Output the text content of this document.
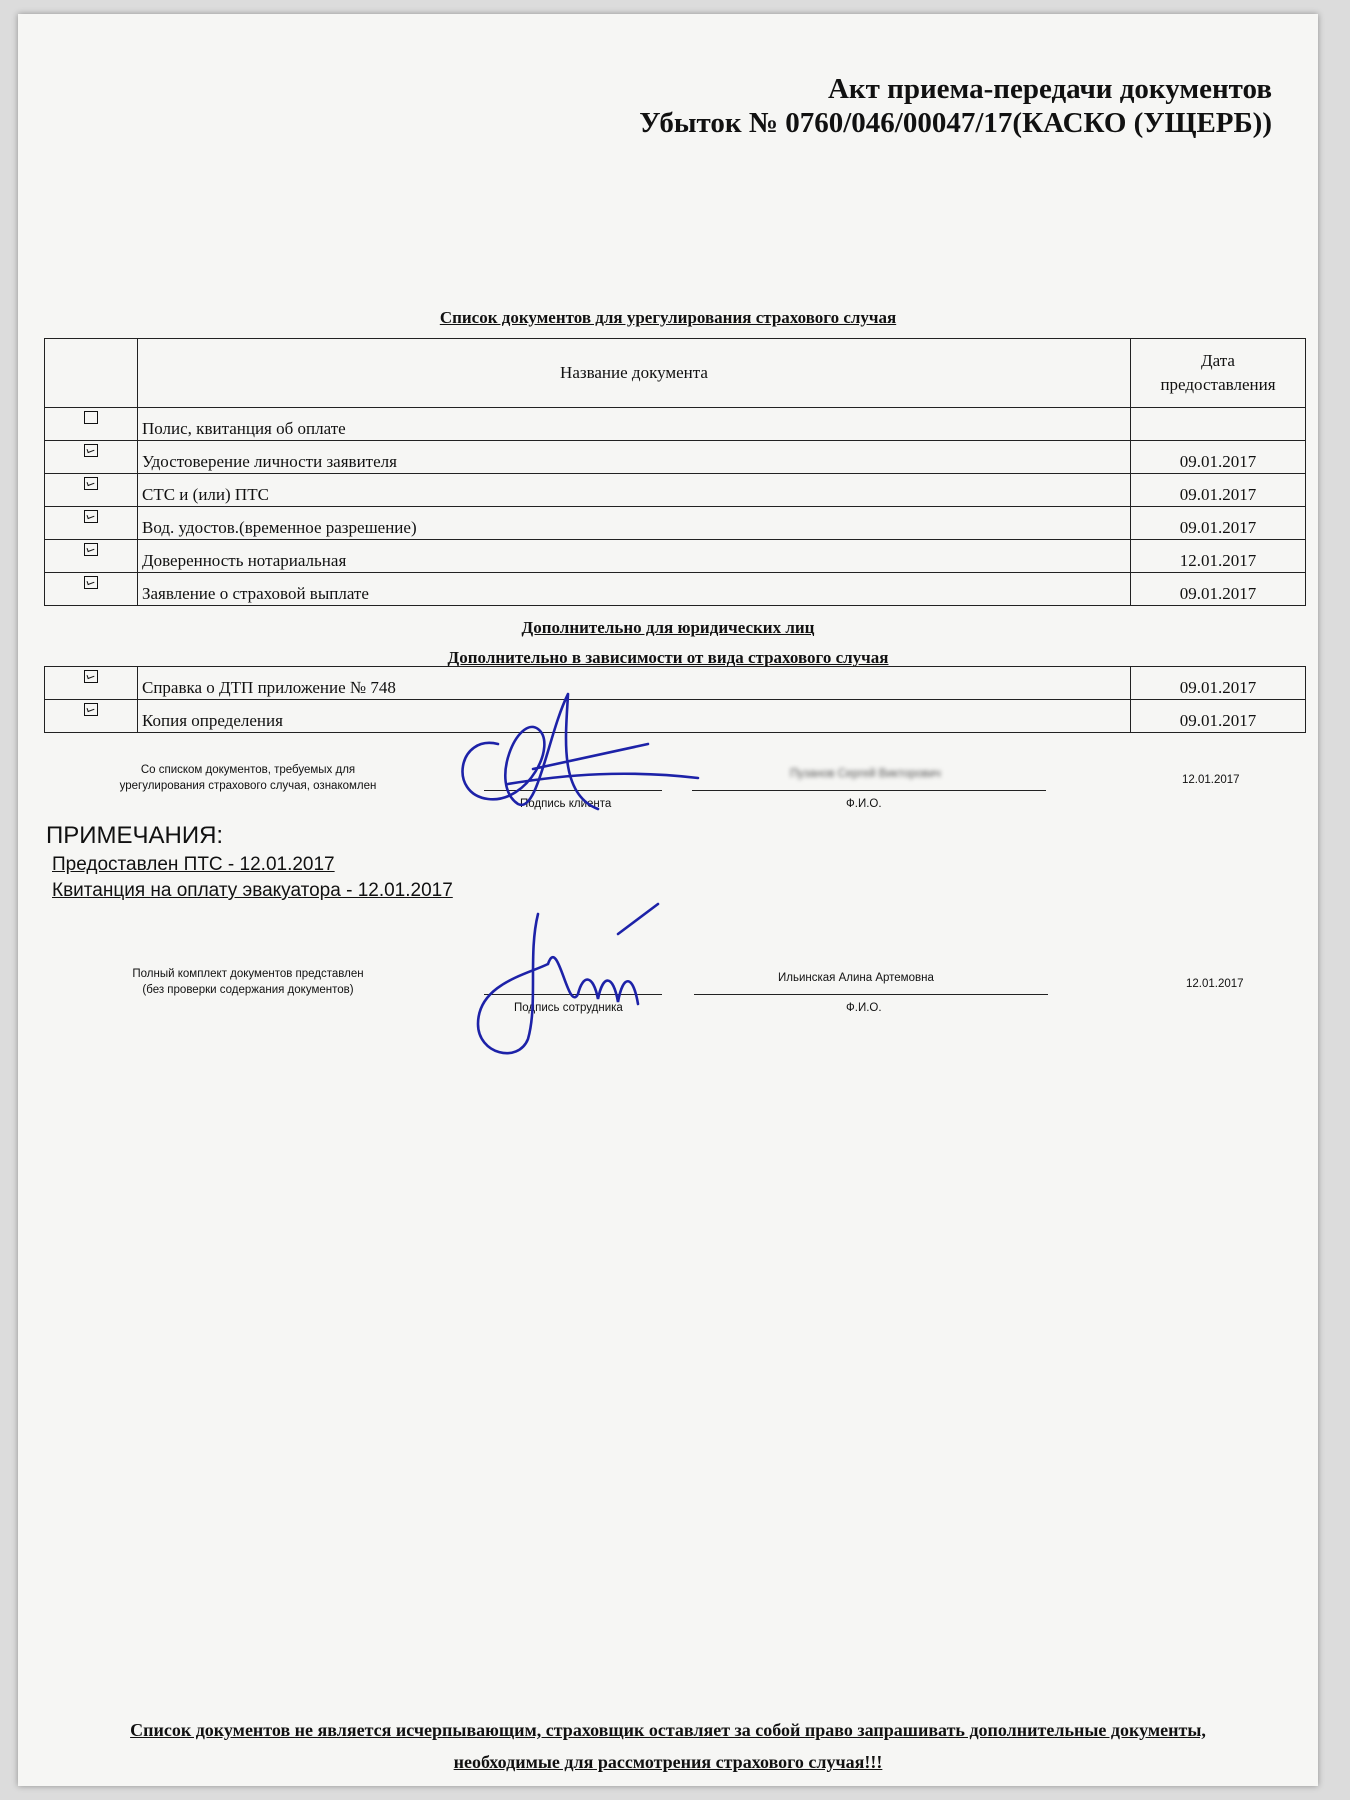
Акт приема-передачи документов
Убыток № 0760/046/00047/17(КАСКО (УЩЕРБ))
Список документов для урегулирования страхового случая
	Название документа	Дата
предоставления

	Полис, квитанция об оплате	
	Удостоверение личности заявителя	09.01.2017
	СТС и (или) ПТС	09.01.2017
	Вод. удостов.(временное разрешение)	09.01.2017
	Доверенность нотариальная	12.01.2017
	Заявление о страховой выплате	09.01.2017
Дополнительно для юридических лиц
Дополнительно в зависимости от вида страхового случая
	Справка о ДТП приложение № 748	09.01.2017
	Копия определения	09.01.2017
Со списком документов, требуемых для
урегулирования страхового случая, ознакомлен
Подпись клиента
Пузанов Сергей Викторович
Ф.И.О.
12.01.2017
ПРИМЕЧАНИЯ:
Предоставлен ПТС - 12.01.2017
Квитанция на оплату эвакуатора - 12.01.2017
Полный комплект документов представлен
(без проверки содержания документов)
Подпись сотрудника
Ильинская Алина Артемовна
Ф.И.О.
12.01.2017
Список документов не является исчерпывающим, страховщик оставляет за собой право запрашивать дополнительные документы,
необходимые для рассмотрения страхового случая!!!
